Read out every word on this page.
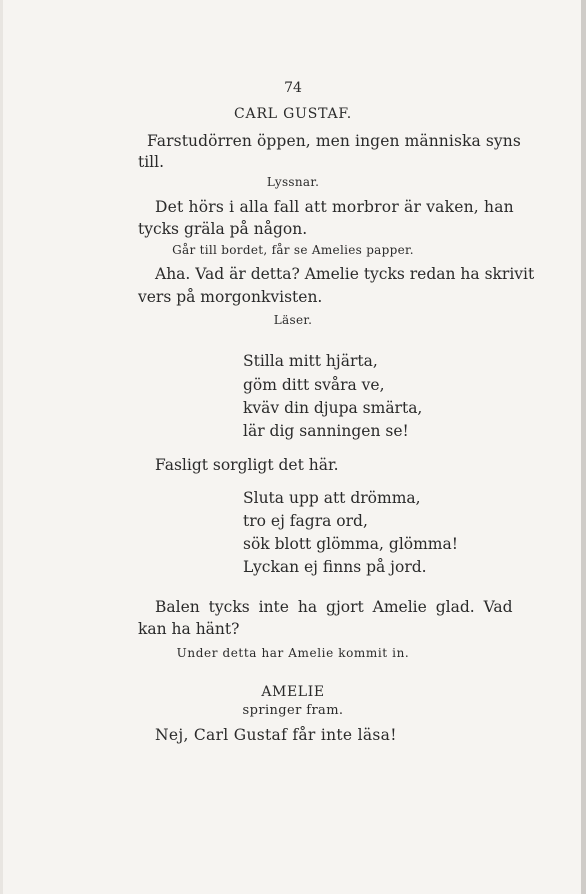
74

CARL GUSTAF.

Farstudörren öppen, men ingen människa syns

till.

Lyssnar.

Det hörs i alla fall att morbror är vaken, han

tycks gräla på någon.

Går till bordet, får se Amelies papper.

Aha. Vad är detta? Amelie tycks redan ha skrivit

vers på morgonkvisten.

Läser.

Stilla mitt hjärta,

göm ditt svåra ve,

kväv din djupa smärta,

lär dig sanningen se!

Fasligt sorgligt det här.

Sluta upp att drömma,

tro ej fagra ord,

sök blott glömma, glömma!

Lyckan ej finns på jord.

Balen tycks inte ha gjort Amelie glad. Vad

kan ha hänt?

Under detta har Amelie kommit in.

AMELIE

springer fram.

Nej, Carl Gustaf får inte läsa!
